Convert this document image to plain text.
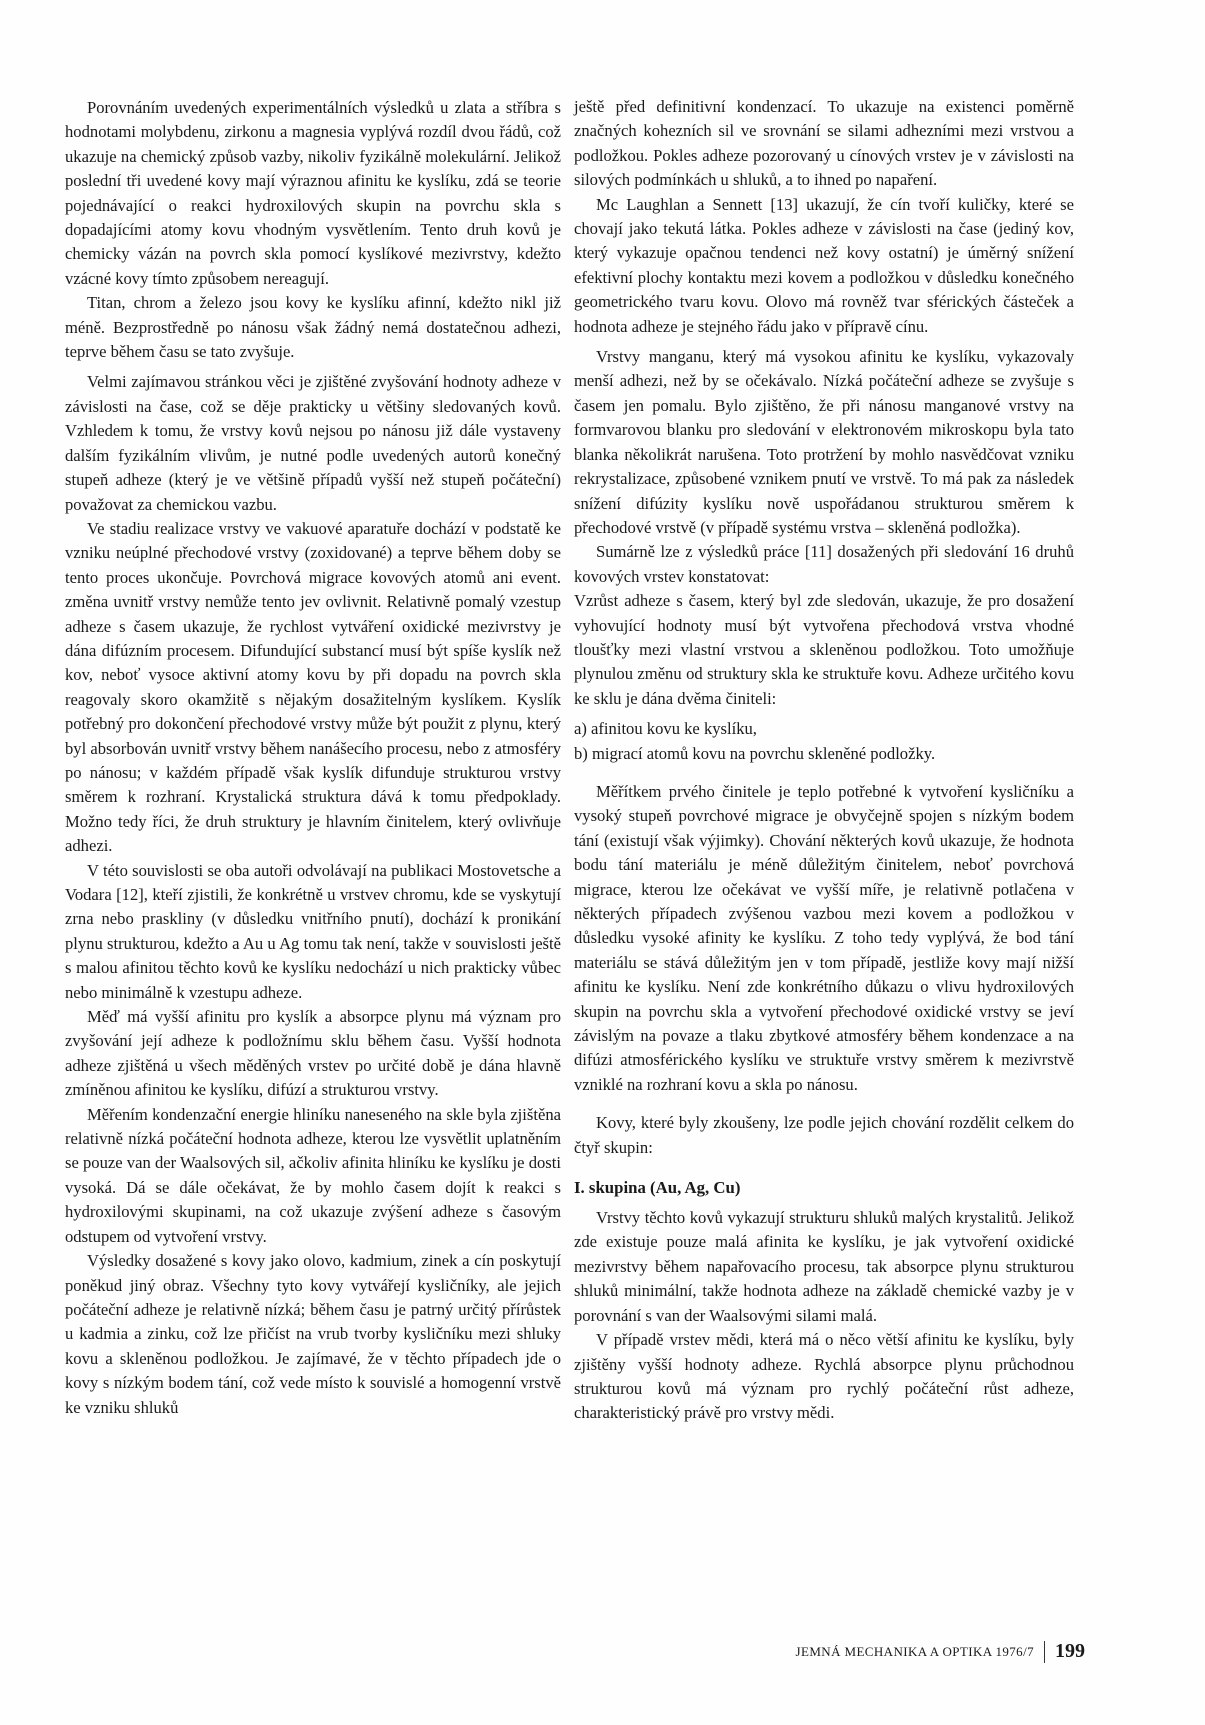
Porovnáním uvedených experimentálních výsledků u zlata a stříbra s hodnotami molybdenu, zirkonu a magnesia vyplývá rozdíl dvou řádů, což ukazuje na chemický způsob vazby, nikoliv fyzikálně molekulární. Jelikož poslední tři uvedené kovy mají výraznou afinitu ke kyslíku, zdá se teorie pojednávající o reakci hydroxilových skupin na povrchu skla s dopadajícími atomy kovu vhodným vysvětlením. Tento druh kovů je chemicky vázán na povrch skla pomocí kyslíkové mezivrstvy, kdežto vzácné kovy tímto způsobem nereagují.

Titan, chrom a železo jsou kovy ke kyslíku afinní, kdežto nikl již méně. Bezprostředně po nánosu však žádný nemá dostatečnou adhezi, teprve během času se tato zvyšuje.

Velmi zajímavou stránkou věci je zjištěné zvyšování hodnoty adheze v závislosti na čase, což se děje prakticky u většiny sledovaných kovů. Vzhledem k tomu, že vrstvy kovů nejsou po nánosu již dále vystaveny dalším fyzikálním vlivům, je nutné podle uvedených autorů konečný stupeň adheze (který je ve většině případů vyšší než stupeň počáteční) považovat za chemickou vazbu.

Ve stadiu realizace vrstvy ve vakuové aparatuře dochází v podstatě ke vzniku neúplné přechodové vrstvy (zoxidované) a teprve během doby se tento proces ukončuje. Povrchová migrace kovových atomů ani event. změna uvnitř vrstvy nemůže tento jev ovlivnit. Relativně pomalý vzestup adheze s časem ukazuje, že rychlost vytváření oxidické mezivrstvy je dána difúzním procesem. Difundující substancí musí být spíše kyslík než kov, neboť vysoce aktivní atomy kovu by při dopadu na povrch skla reagovaly skoro okamžitě s nějakým dosažitelným kyslíkem. Kyslík potřebný pro dokončení přechodové vrstvy může být použit z plynu, který byl absorbován uvnitř vrstvy během nanášecího procesu, nebo z atmosféry po nánosu; v každém případě však kyslík difunduje strukturou vrstvy směrem k rozhraní. Krystalická struktura dává k tomu předpoklady. Možno tedy říci, že druh struktury je hlavním činitelem, který ovlivňuje adhezi.

V této souvislosti se oba autoři odvolávají na publikaci Mostovetsche a Vodara [12], kteří zjistili, že konkrétně u vrstvev chromu, kde se vyskytují zrna nebo praskliny (v důsledku vnitřního pnutí), dochází k pronikání plynu strukturou, kdežto a Au u Ag tomu tak není, takže v souvislosti ještě s malou afinitou těchto kovů ke kyslíku nedochází u nich prakticky vůbec nebo minimálně k vzestupu adheze.

Měď má vyšší afinitu pro kyslík a absorpce plynu má význam pro zvyšování její adheze k podložnímu sklu během času. Vyšší hodnota adheze zjištěná u všech měděných vrstev po určité době je dána hlavně zmíněnou afinitou ke kyslíku, difúzí a strukturou vrstvy.

Měřením kondenzační energie hliníku naneseného na skle byla zjištěna relativně nízká počáteční hodnota adheze, kterou lze vysvětlit uplatněním se pouze van der Waalsových sil, ačkoliv afinita hliníku ke kyslíku je dosti vysoká. Dá se dále očekávat, že by mohlo časem dojít k reakci s hydroxilovými skupinami, na což ukazuje zvýšení adheze s časovým odstupem od vytvoření vrstvy.

Výsledky dosažené s kovy jako olovo, kadmium, zinek a cín poskytují poněkud jiný obraz. Všechny tyto kovy vytvářejí kysličníky, ale jejich počáteční adheze je relativně nízká; během času je patrný určitý přírůstek u kadmia a zinku, což lze přičíst na vrub tvorby kysličníku mezi shluky kovu a skleněnou podložkou. Je zajímavé, že v těchto případech jde o kovy s nízkým bodem tání, což vede místo k souvislé a homogenní vrstvě ke vzniku shluků

ještě před definitivní kondenzací. To ukazuje na existenci poměrně značných kohezních sil ve srovnání se silami adhezními mezi vrstvou a podložkou. Pokles adheze pozorovaný u cínových vrstev je v závislosti na silových podmínkách u shluků, a to ihned po napaření.

Mc Laughlan a Sennett [13] ukazují, že cín tvoří kuličky, které se chovají jako tekutá látka. Pokles adheze v závislosti na čase (jediný kov, který vykazuje opačnou tendenci než kovy ostatní) je úměrný snížení efektivní plochy kontaktu mezi kovem a podložkou v důsledku konečného geometrického tvaru kovu. Olovo má rovněž tvar sférických částeček a hodnota adheze je stejného řádu jako v přípravě cínu.

Vrstvy manganu, který má vysokou afinitu ke kyslíku, vykazovaly menší adhezi, než by se očekávalo. Nízká počáteční adheze se zvyšuje s časem jen pomalu. Bylo zjištěno, že při nánosu manganové vrstvy na formvarovou blanku pro sledování v elektronovém mikroskopu byla tato blanka několikrát narušena. Toto protržení by mohlo nasvědčovat vzniku rekrystalizace, způsobené vznikem pnutí ve vrstvě. To má pak za následek snížení difúzity kyslíku nově uspořádanou strukturou směrem k přechodové vrstvě (v případě systému vrstva – skleněná podložka).

Sumárně lze z výsledků práce [11] dosažených při sledování 16 druhů kovových vrstev konstatovat:

Vzrůst adheze s časem, který byl zde sledován, ukazuje, že pro dosažení vyhovující hodnoty musí být vytvořena přechodová vrstva vhodné tloušťky mezi vlastní vrstvou a skleněnou podložkou. Toto umožňuje plynulou změnu od struktury skla ke struktuře kovu. Adheze určitého kovu ke sklu je dána dvěma činiteli:

a) afinitou kovu ke kyslíku,
b) migrací atomů kovu na povrchu skleněné podložky.

Měřítkem prvého činitele je teplo potřebné k vytvoření kysličníku a vysoký stupeň povrchové migrace je obvyčejně spojen s nízkým bodem tání (existují však výjimky). Chování některých kovů ukazuje, že hodnota bodu tání materiálu je méně důležitým činitelem, neboť povrchová migrace, kterou lze očekávat ve vyšší míře, je relativně potlačena v některých případech zvýšenou vazbou mezi kovem a podložkou v důsledku vysoké afinity ke kyslíku. Z toho tedy vyplývá, že bod tání materiálu se stává důležitým jen v tom případě, jestliže kovy mají nižší afinitu ke kyslíku. Není zde konkrétního důkazu o vlivu hydroxilových skupin na povrchu skla a vytvoření přechodové oxidické vrstvy se jeví závislým na povaze a tlaku zbytkové atmosféry během kondenzace a na difúzi atmosférického kyslíku ve struktuře vrstvy směrem k mezivrstvě vzniklé na rozhraní kovu a skla po nánosu.

Kovy, které byly zkoušeny, lze podle jejich chování rozdělit celkem do čtyř skupin:

I. skupina (Au, Ag, Cu)

Vrstvy těchto kovů vykazují strukturu shluků malých krystalitů. Jelikož zde existuje pouze malá afinita ke kyslíku, je jak vytvoření oxidické mezivrstvy během napařovacího procesu, tak absorpce plynu strukturou shluků minimální, takže hodnota adheze na základě chemické vazby je v porovnání s van der Waalsovými silami malá.

V případě vrstev mědi, která má o něco větší afinitu ke kyslíku, byly zjištěny vyšší hodnoty adheze. Rychlá absorpce plynu průchodnou strukturou kovů má význam pro rychlý počáteční růst adheze, charakteristický právě pro vrstvy mědi.

JEMNÁ MECHANIKA A OPTIKA 1976/7 199
